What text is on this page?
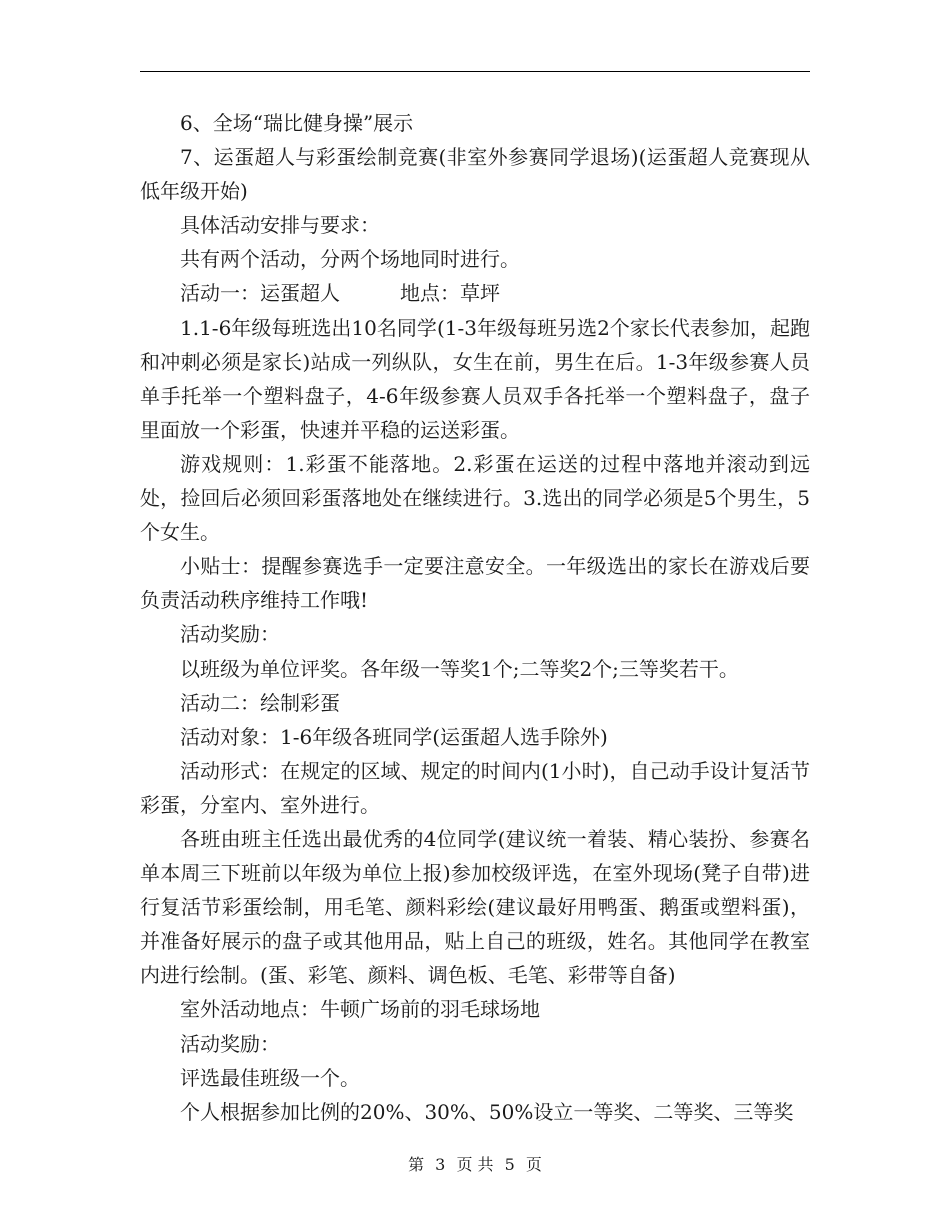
6、全场“瑞比健身操”展示

7、运蛋超人与彩蛋绘制竞赛(非室外参赛同学退场)(运蛋超人竞赛现从低年级开始)

具体活动安排与要求：

共有两个活动，分两个场地同时进行。

活动一：运蛋超人　　　地点：草坪

1.1-6年级每班选出10名同学(1-3年级每班另选2个家长代表参加，起跑和冲刺必须是家长)站成一列纵队，女生在前，男生在后。1-3年级参赛人员单手托举一个塑料盘子，4-6年级参赛人员双手各托举一个塑料盘子，盘子里面放一个彩蛋，快速并平稳的运送彩蛋。

游戏规则：1.彩蛋不能落地。2.彩蛋在运送的过程中落地并滚动到远处，捡回后必须回彩蛋落地处在继续进行。3.选出的同学必须是5个男生，5个女生。

小贴士：提醒参赛选手一定要注意安全。一年级选出的家长在游戏后要负责活动秩序维持工作哦!

活动奖励：

以班级为单位评奖。各年级一等奖1个;二等奖2个;三等奖若干。

活动二：绘制彩蛋

活动对象：1-6年级各班同学(运蛋超人选手除外)

活动形式：在规定的区域、规定的时间内(1小时)，自己动手设计复活节彩蛋，分室内、室外进行。

各班由班主任选出最优秀的4位同学(建议统一着装、精心装扮、参赛名单本周三下班前以年级为单位上报)参加校级评选，在室外现场(凳子自带)进行复活节彩蛋绘制，用毛笔、颜料彩绘(建议最好用鸭蛋、鹅蛋或塑料蛋)，并准备好展示的盘子或其他用品，贴上自己的班级，姓名。其他同学在教室内进行绘制。(蛋、彩笔、颜料、调色板、毛笔、彩带等自备)

室外活动地点：牛顿广场前的羽毛球场地

活动奖励：

评选最佳班级一个。

个人根据参加比例的20%、30%、50%设立一等奖、二等奖、三等奖

第 3 页 共 5 页
